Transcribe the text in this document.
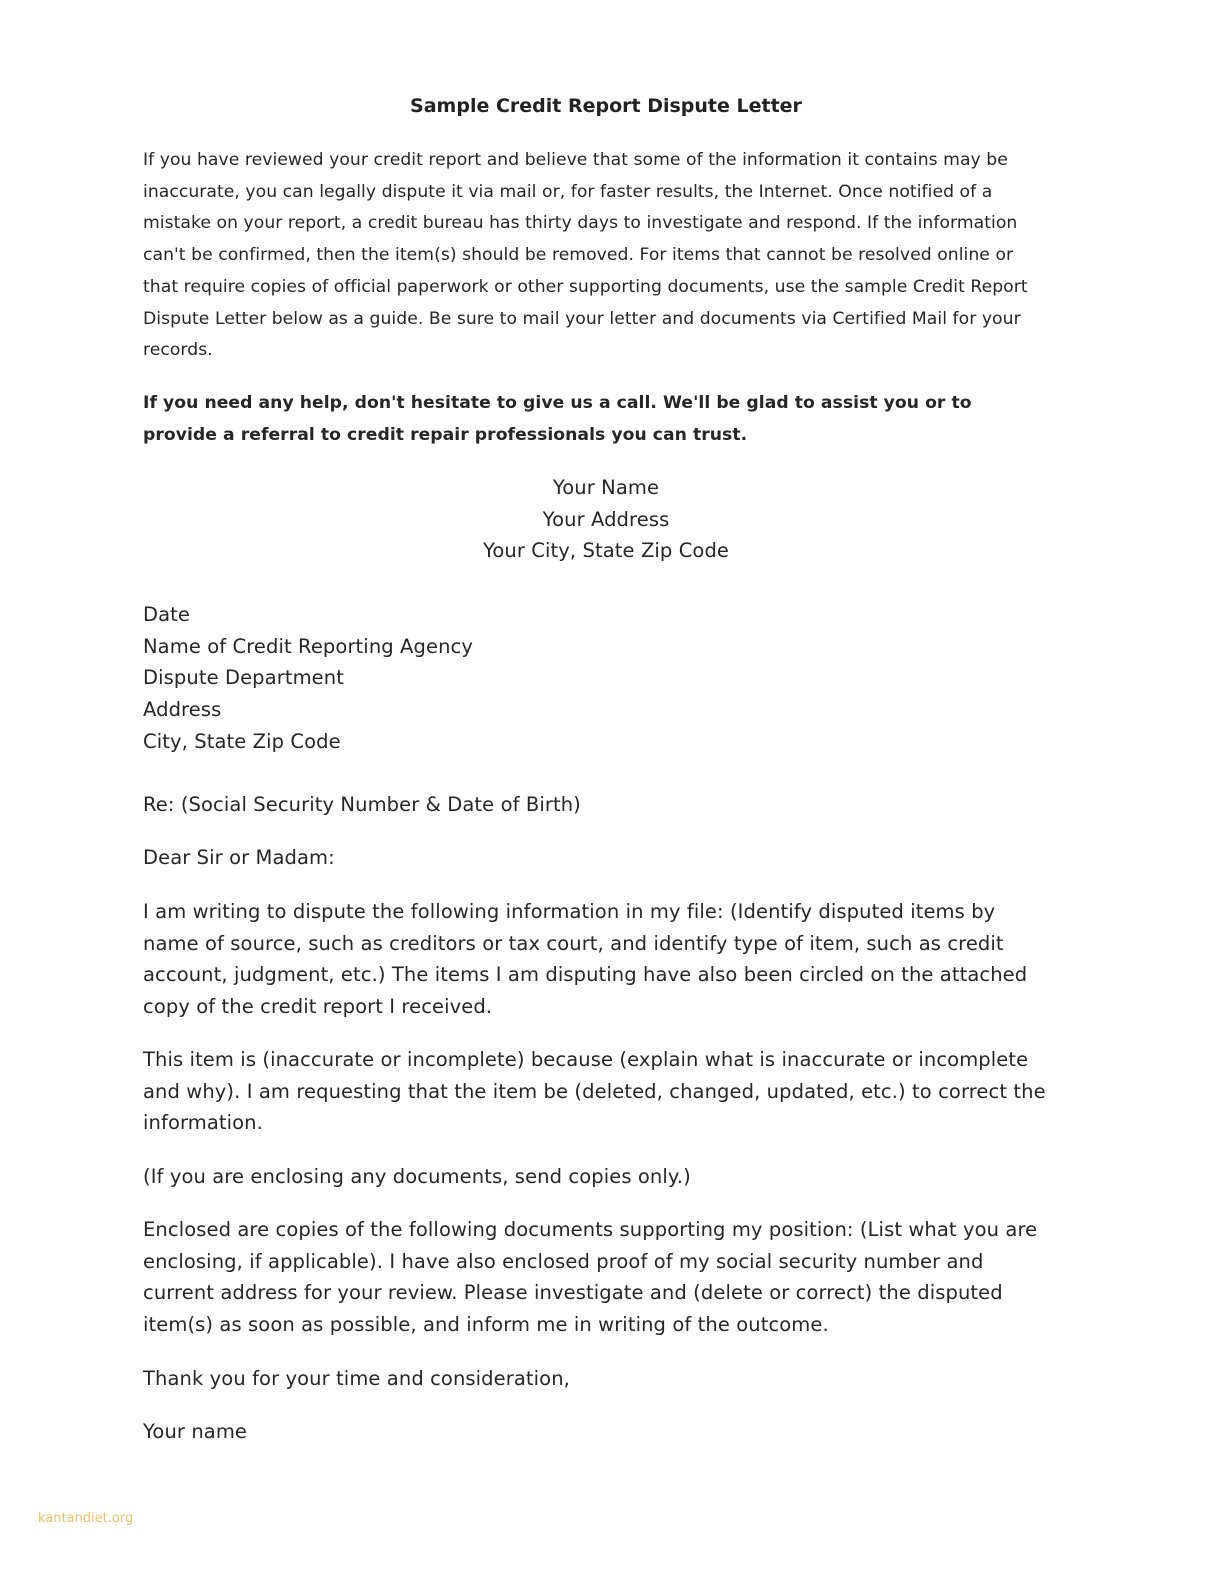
Sample Credit Report Dispute Letter

If you have reviewed your credit report and believe that some of the information it contains may be
inaccurate, you can legally dispute it via mail or, for faster results, the Internet. Once notified of a
mistake on your report, a credit bureau has thirty days to investigate and respond. If the information
can't be confirmed, then the item(s) should be removed. For items that cannot be resolved online or
that require copies of official paperwork or other supporting documents, use the sample Credit Report
Dispute Letter below as a guide. Be sure to mail your letter and documents via Certified Mail for your
records.

If you need any help, don't hesitate to give us a call. We'll be glad to assist you or to
provide a referral to credit repair professionals you can trust.

Your Name
Your Address
Your City, State Zip Code

Date
Name of Credit Reporting Agency
Dispute Department
Address
City, State Zip Code

Re: (Social Security Number & Date of Birth)

Dear Sir or Madam:

I am writing to dispute the following information in my file: (Identify disputed items by
name of source, such as creditors or tax court, and identify type of item, such as credit
account, judgment, etc.) The items I am disputing have also been circled on the attached
copy of the credit report I received.

This item is (inaccurate or incomplete) because (explain what is inaccurate or incomplete
and why). I am requesting that the item be (deleted, changed, updated, etc.) to correct the
information.

(If you are enclosing any documents, send copies only.)

Enclosed are copies of the following documents supporting my position: (List what you are
enclosing, if applicable). I have also enclosed proof of my social security number and
current address for your review. Please investigate and (delete or correct) the disputed
item(s) as soon as possible, and inform me in writing of the outcome.

Thank you for your time and consideration,

Your name

kantandiet.org
